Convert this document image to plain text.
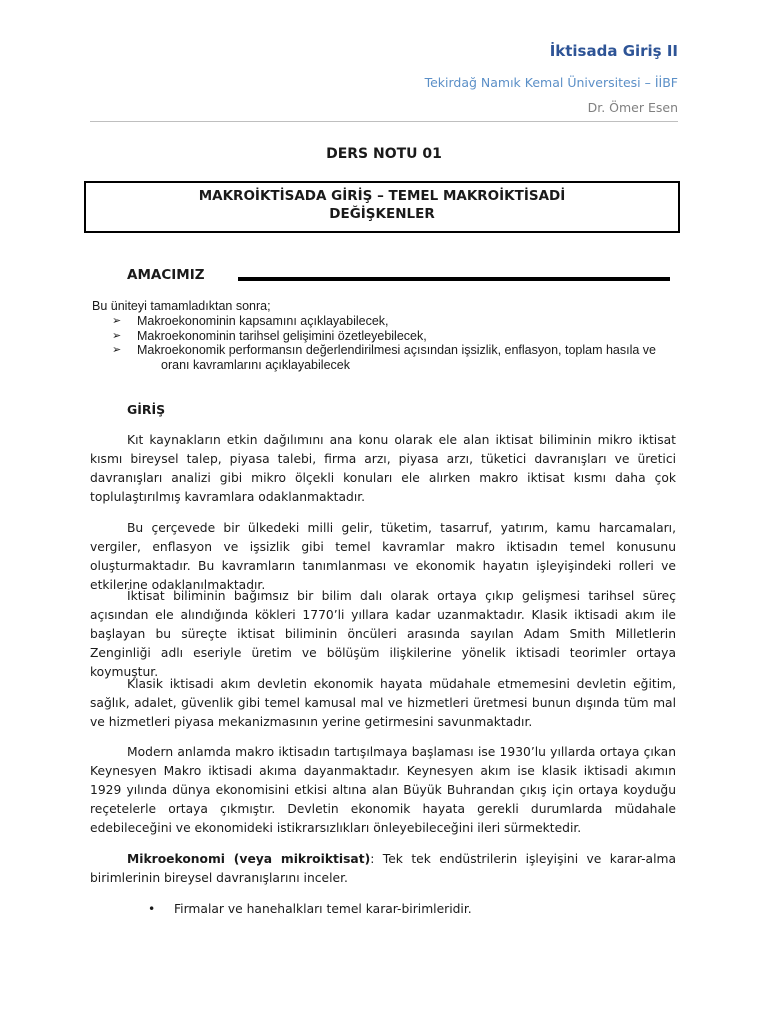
İktisada Giriş II
Tekirdağ Namık Kemal Üniversitesi – İİBF
Dr. Ömer Esen
DERS NOTU 01
MAKROİKTİSADA GİRİŞ – TEMEL MAKROİKTİSADİ
DEĞİŞKENLER
AMACIMIZ
Bu üniteyi tamamladıktan sonra;
➢ Makroekonominin kapsamını açıklayabilecek,
➢ Makroekonominin tarihsel gelişimini özetleyebilecek,
➢ Makroekonomik performansın değerlendirilmesi açısından işsizlik, enflasyon, toplam hasıla ve
oranı kavramlarını açıklayabilecek
GİRİŞ

Kıt kaynakların etkin dağılımını ana konu olarak ele alan iktisat biliminin mikro iktisat kısmı bireysel talep, piyasa talebi, firma arzı, piyasa arzı, tüketici davranışları ve üretici davranışları analizi gibi mikro ölçekli konuları ele alırken makro iktisat kısmı daha çok toplulaştırılmış kavramlara odaklanmaktadır.

Bu çerçevede bir ülkedeki milli gelir, tüketim, tasarruf, yatırım, kamu harcamaları, vergiler, enflasyon ve işsizlik gibi temel kavramlar makro iktisadın temel konusunu oluşturmaktadır. Bu kavramların tanımlanması ve ekonomik hayatın işleyişindeki rolleri ve etkilerine odaklanılmaktadır.

İktisat biliminin bağımsız bir bilim dalı olarak ortaya çıkıp gelişmesi tarihsel süreç açısından ele alındığında kökleri 1770’li yıllara kadar uzanmaktadır. Klasik iktisadi akım ile başlayan bu süreçte iktisat biliminin öncüleri arasında sayılan Adam Smith Milletlerin Zenginliği adlı eseriyle üretim ve bölüşüm ilişkilerine yönelik iktisadi teorimler ortaya koymuştur.

Klasik iktisadi akım devletin ekonomik hayata müdahale etmemesini devletin eğitim, sağlık, adalet, güvenlik gibi temel kamusal mal ve hizmetleri üretmesi bunun dışında tüm mal ve hizmetleri piyasa mekanizmasının yerine getirmesini savunmaktadır.

Modern anlamda makro iktisadın tartışılmaya başlaması ise 1930’lu yıllarda ortaya çıkan Keynesyen Makro iktisadi akıma dayanmaktadır. Keynesyen akım ise klasik iktisadi akımın 1929 yılında dünya ekonomisini etkisi altına alan Büyük Buhrandan çıkış için ortaya koyduğu reçetelerle ortaya çıkmıştır. Devletin ekonomik hayata gerekli durumlarda müdahale edebileceğini ve ekonomideki istikrarsızlıkları önleyebileceğini ileri sürmektedir.

Mikroekonomi (veya mikroiktisat): Tek tek endüstrilerin işleyişini ve karar-alma birimlerinin bireysel davranışlarını inceler.

• Firmalar ve hanehalkları temel karar-birimleridir.
